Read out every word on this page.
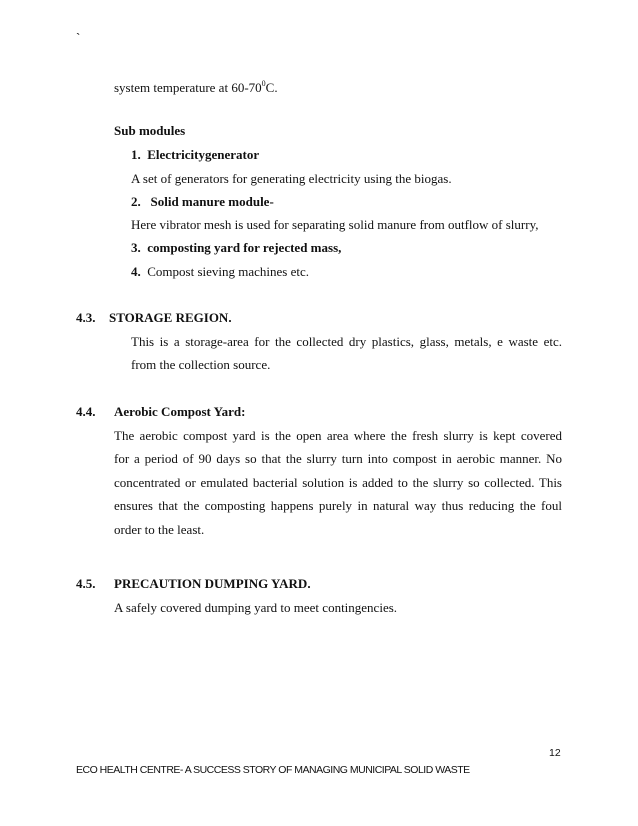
`
system temperature at $60-70^0C$.
Sub modules
1. Electricitygenerator
A set of generators for generating electricity using the biogas.
2. Solid manure module-
Here vibrator mesh is used for separating solid manure from outflow of slurry,
3. composting yard for rejected mass,
4. Compost sieving machines etc.
4.3. STORAGE REGION.
This is a storage-area for the collected dry plastics, glass, metals, e waste etc.
from the collection source.
4.4. Aerobic Compost Yard:
The aerobic compost yard is the open area where the fresh slurry is kept covered
for a period of 90 days so that the slurry turn into compost in aerobic manner. No
concentrated or emulated bacterial solution is added to the slurry so collected. This
ensures that the composting happens purely in natural way thus reducing the foul
order to the least.
4.5. PRECAUTION DUMPING YARD.
A safely covered dumping yard to meet contingencies.
12
ECO HEALTH CENTRE- A SUCCESS STORY OF MANAGING MUNICIPAL SOLID WASTE
